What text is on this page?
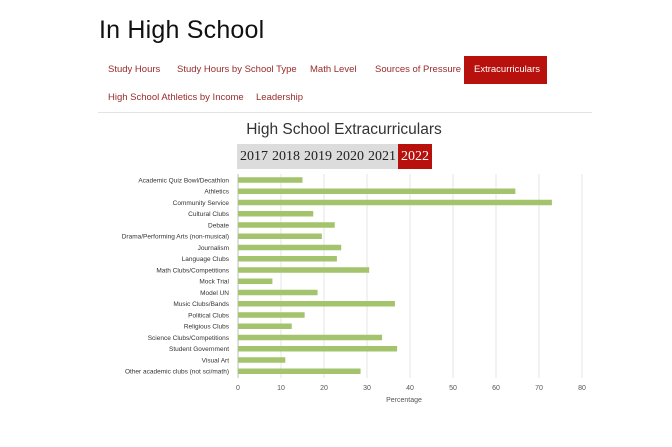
In High School
Study Hours	Study Hours by School Type	Math Level	Sources of Pressure	Extracurriculars
High School Athletics by Income	Leadership
High School Extracurriculars
2017 2018 2019 2020 2021 2022
Academic Quiz Bowl/Decathlon
Athletics
Community Service
Cultural Clubs
Debate
Drama/Performing Arts (non-musical)
Journalism
Language Clubs
Math Clubs/Competitions
Mock Trial
Model UN
Music Clubs/Bands
Political Clubs
Religious Clubs
Science Clubs/Competitions
Student Government
Visual Art
Other academic clubs (not sci/math)
0	10	20	30	40	50	60	70	80
Percentage
